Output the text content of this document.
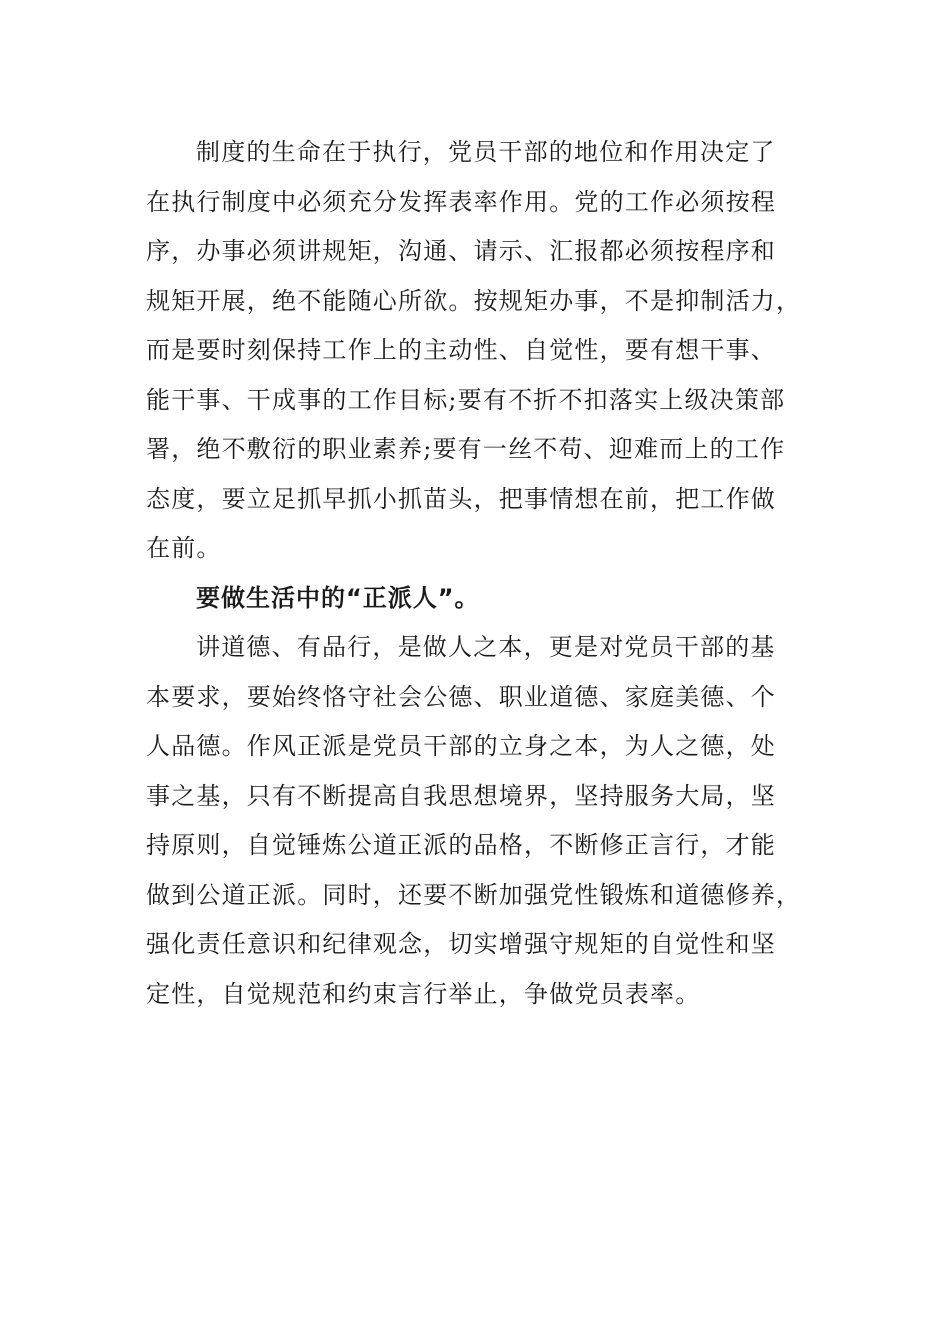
制度的生命在于执行，党员干部的地位和作用决定了
在执行制度中必须充分发挥表率作用。党的工作必须按程
序，办事必须讲规矩，沟通、请示、汇报都必须按程序和
规矩开展，绝不能随心所欲。按规矩办事，不是抑制活力，
而是要时刻保持工作上的主动性、自觉性，要有想干事、
能干事、干成事的工作目标;要有不折不扣落实上级决策部
署，绝不敷衍的职业素养;要有一丝不苟、迎难而上的工作
态度，要立足抓早抓小抓苗头，把事情想在前，把工作做
在前。
要做生活中的“正派人”。
讲道德、有品行，是做人之本，更是对党员干部的基
本要求，要始终恪守社会公德、职业道德、家庭美德、个
人品德。作风正派是党员干部的立身之本，为人之德，处
事之基，只有不断提高自我思想境界，坚持服务大局，坚
持原则，自觉锤炼公道正派的品格，不断修正言行，才能
做到公道正派。同时，还要不断加强党性锻炼和道德修养，
强化责任意识和纪律观念，切实增强守规矩的自觉性和坚
定性，自觉规范和约束言行举止，争做党员表率。
